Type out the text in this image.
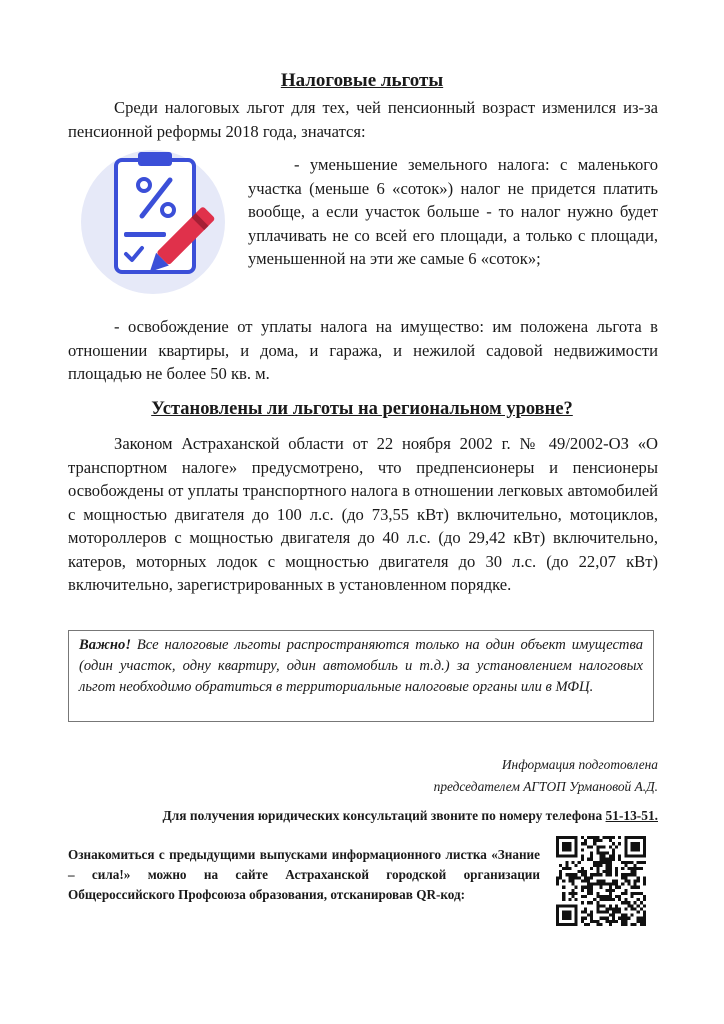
Налоговые льготы

Среди налоговых льгот для тех, чей пенсионный возраст изменился из-за пенсионной реформы 2018 года, значатся:

- уменьшение земельного налога: с маленького участка (меньше 6 «соток») налог не придется платить вообще, а если участок больше - то налог нужно будет уплачивать не со всей его площади, а только с площади, уменьшенной на эти же самые 6 «соток»;

- освобождение от уплаты налога на имущество: им положена льгота в отношении квартиры, и дома, и гаража, и нежилой садовой недвижимости площадью не более 50 кв. м.

Установлены ли льготы на региональном уровне?

Законом Астраханской области от 22 ноября 2002 г. № 49/2002-ОЗ «О транспортном налоге» предусмотрено, что предпенсионеры и пенсионеры освобождены от уплаты транспортного налога в отношении легковых автомобилей с мощностью двигателя до 100 л.с. (до 73,55 кВт) включительно, мотоциклов, мотороллеров с мощностью двигателя до 40 л.с. (до 29,42 кВт) включительно, катеров, моторных лодок с мощностью двигателя до 30 л.с. (до 22,07 кВт) включительно, зарегистрированных в установленном порядке.

Важно! Все налоговые льготы распространяются только на один объект имущества (один участок, одну квартиру, один автомобиль и т.д.) за установлением налоговых льгот необходимо обратиться в территориальные налоговые органы или в МФЦ.
Информация подготовлена
председателем АГТОП Урмановой А.Д.
Для получения юридических консультаций звоните по номеру телефона 51-13-51.

Ознакомиться с предыдущими выпусками информационного листка «Знание – сила!» можно на сайте Астраханской городской организации Общероссийского Профсоюза образования, отсканировав QR-код:
